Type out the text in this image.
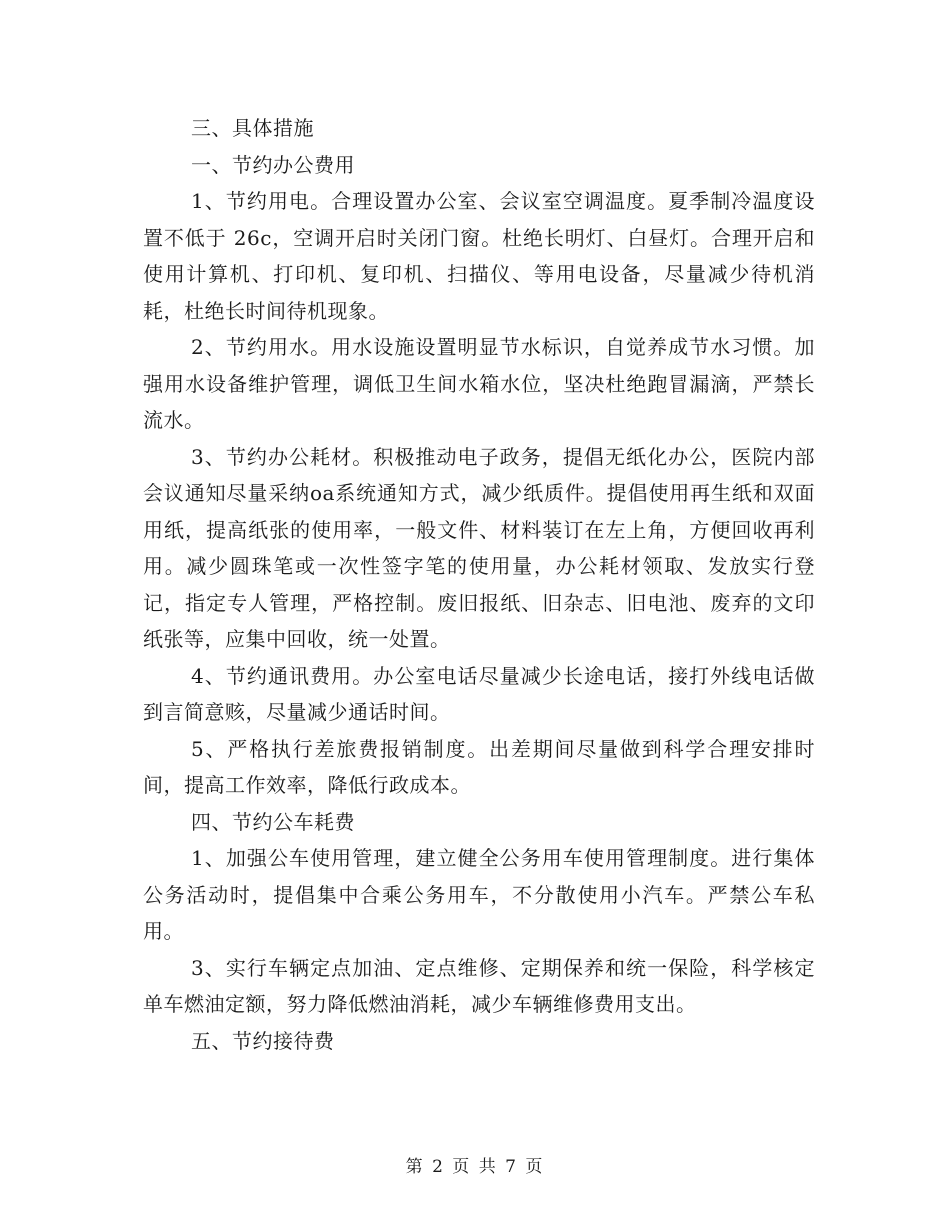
三、具体措施

一、节约办公费用

1、节约用电。合理设置办公室、会议室空调温度。夏季制冷温度设置不低于 26c，空调开启时关闭门窗。杜绝长明灯、白昼灯。合理开启和使用计算机、打印机、复印机、扫描仪、等用电设备，尽量减少待机消耗，杜绝长时间待机现象。

2、节约用水。用水设施设置明显节水标识，自觉养成节水习惯。加强用水设备维护管理，调低卫生间水箱水位，坚决杜绝跑冒漏滴，严禁长流水。

3、节约办公耗材。积极推动电子政务，提倡无纸化办公，医院内部会议通知尽量采纳oa系统通知方式，减少纸质件。提倡使用再生纸和双面用纸，提高纸张的使用率，一般文件、材料装订在左上角，方便回收再利用。减少圆珠笔或一次性签字笔的使用量，办公耗材领取、发放实行登记，指定专人管理，严格控制。废旧报纸、旧杂志、旧电池、废弃的文印纸张等，应集中回收，统一处置。

4、节约通讯费用。办公室电话尽量减少长途电话，接打外线电话做到言简意赅，尽量减少通话时间。

5、严格执行差旅费报销制度。出差期间尽量做到科学合理安排时间，提高工作效率，降低行政成本。

四、节约公车耗费

1、加强公车使用管理，建立健全公务用车使用管理制度。进行集体公务活动时，提倡集中合乘公务用车，不分散使用小汽车。严禁公车私用。

3、实行车辆定点加油、定点维修、定期保养和统一保险，科学核定单车燃油定额，努力降低燃油消耗，减少车辆维修费用支出。

五、节约接待费

第 2 页 共 7 页
